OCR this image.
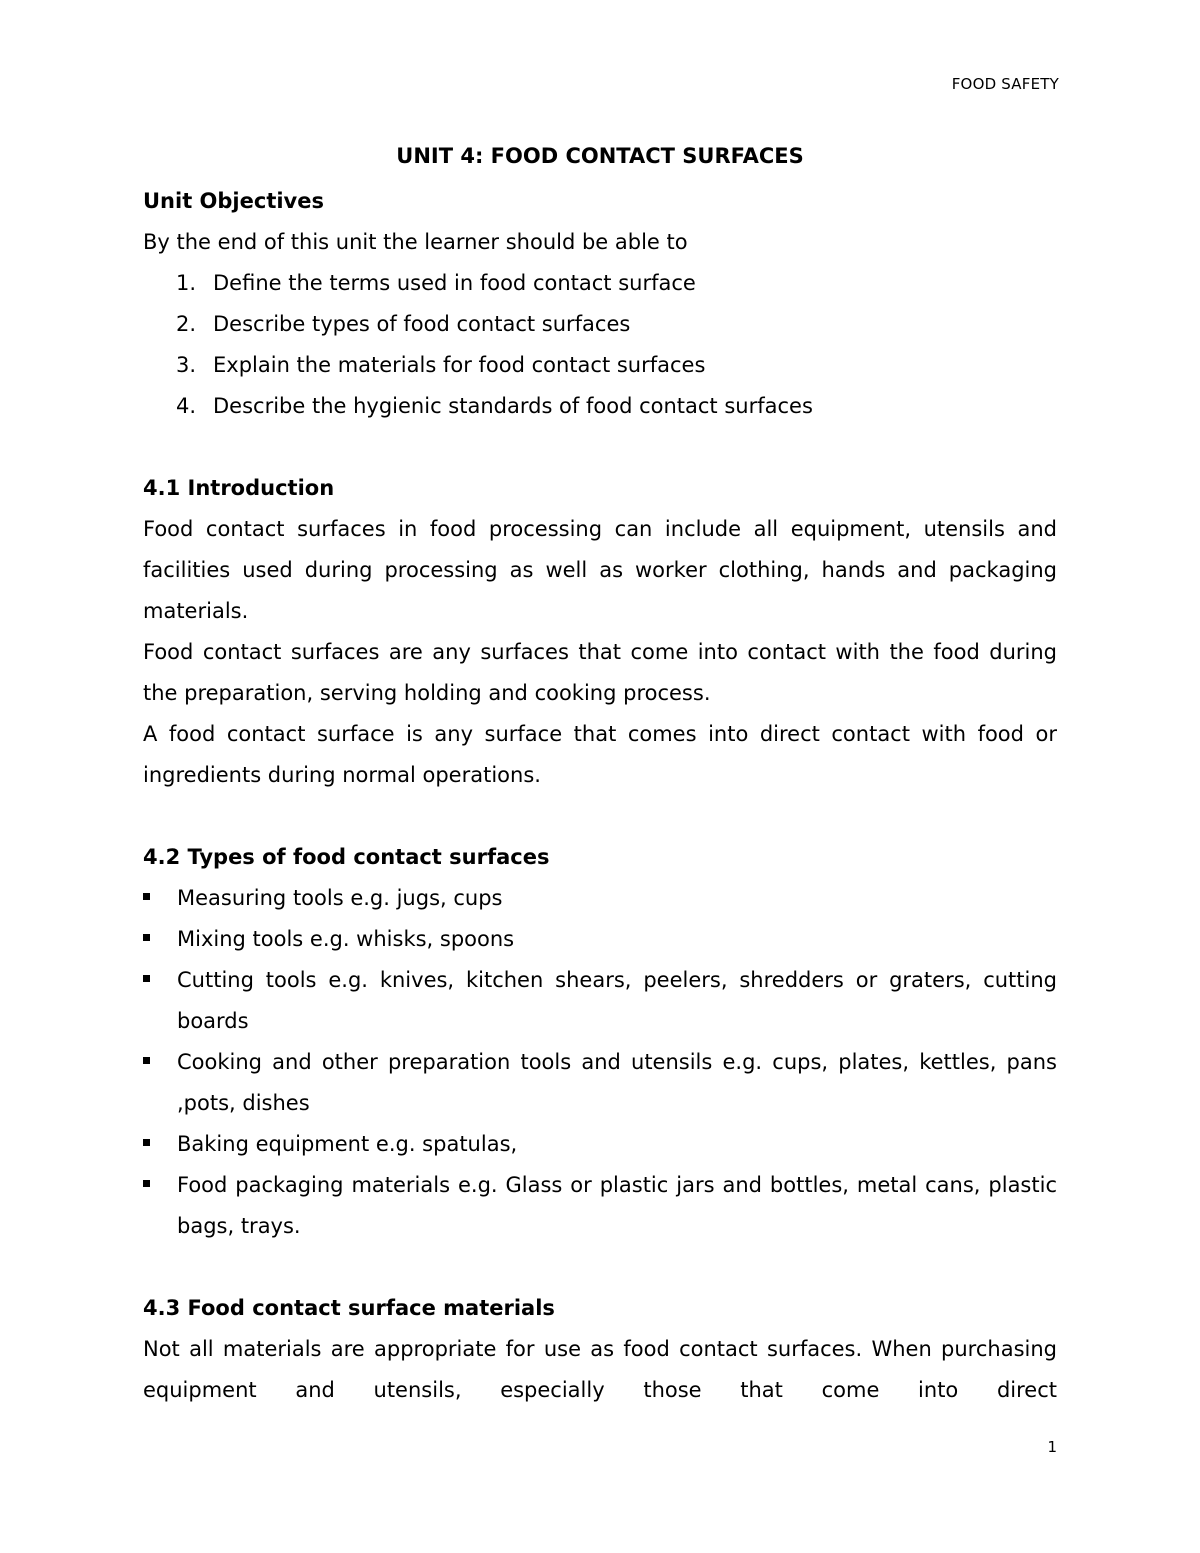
FOOD SAFETY

UNIT 4: FOOD CONTACT SURFACES

Unit Objectives

By the end of this unit the learner should be able to

1. Define the terms used in food contact surface
2. Describe types of food contact surfaces
3. Explain the materials for food contact surfaces
4. Describe the hygienic standards of food contact surfaces

4.1 Introduction

Food contact surfaces in food processing can include all equipment, utensils and facilities used during processing as well as worker clothing, hands and packaging materials.

Food contact surfaces are any surfaces that come into contact with the food during the preparation, serving holding and cooking process.

A food contact surface is any surface that comes into direct contact with food or ingredients during normal operations.

4.2 Types of food contact surfaces

Measuring tools e.g. jugs, cups
Mixing tools e.g. whisks, spoons
Cutting tools e.g. knives, kitchen shears, peelers, shredders or graters, cutting boards
Cooking and other preparation tools and utensils e.g. cups, plates, kettles, pans ,pots, dishes
Baking equipment e.g. spatulas,
Food packaging materials e.g. Glass or plastic jars and bottles, metal cans, plastic bags, trays.

4.3 Food contact surface materials

Not all materials are appropriate for use as food contact surfaces. When purchasing equipment and utensils, especially those that come into direct

1
